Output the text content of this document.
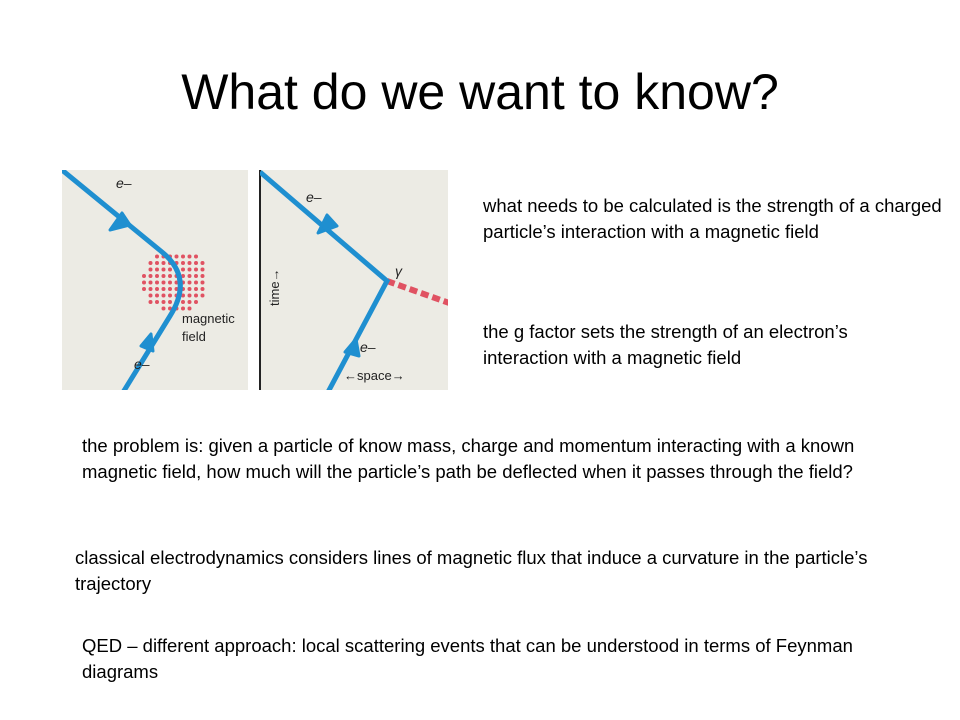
What do we want to know?
e–
e–
magnetic
field
e–
e–
γ
time→
←space→

what needs to be calculated is the strength of a charged particle’s interaction with a magnetic field

the g factor sets the strength of an electron’s interaction with a magnetic field

the problem is: given a particle of know mass, charge and momentum interacting with a known magnetic field, how much will the particle’s path be deflected when it passes through the field?

classical electrodynamics considers lines of magnetic flux that induce a curvature in the particle’s trajectory

QED – different approach: local scattering events that can be understood in terms of Feynman diagrams
